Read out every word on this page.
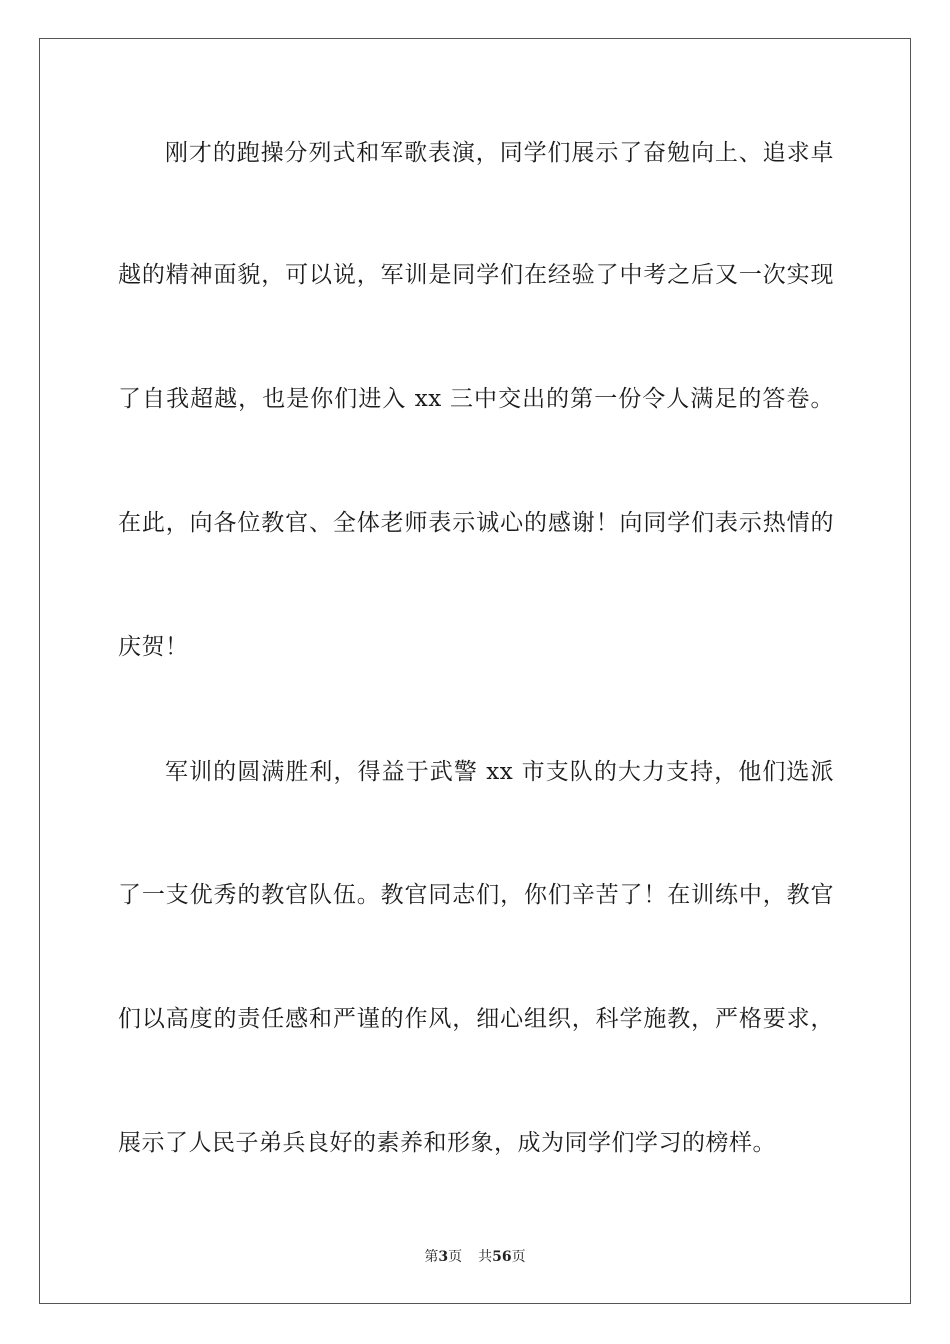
刚才的跑操分列式和军歌表演，同学们展示了奋勉向上、追求卓
越的精神面貌，可以说，军训是同学们在经验了中考之后又一次实现
了自我超越，也是你们进入 xx 三中交出的第一份令人满足的答卷。
在此，向各位教官、全体老师表示诚心的感谢！向同学们表示热情的
庆贺！
军训的圆满胜利，得益于武警 xx 市支队的大力支持，他们选派
了一支优秀的教官队伍。教官同志们，你们辛苦了！在训练中，教官
们以高度的责任感和严谨的作风，细心组织，科学施教，严格要求，
展示了人民子弟兵良好的素养和形象，成为同学们学习的榜样。
第3页 共56页
